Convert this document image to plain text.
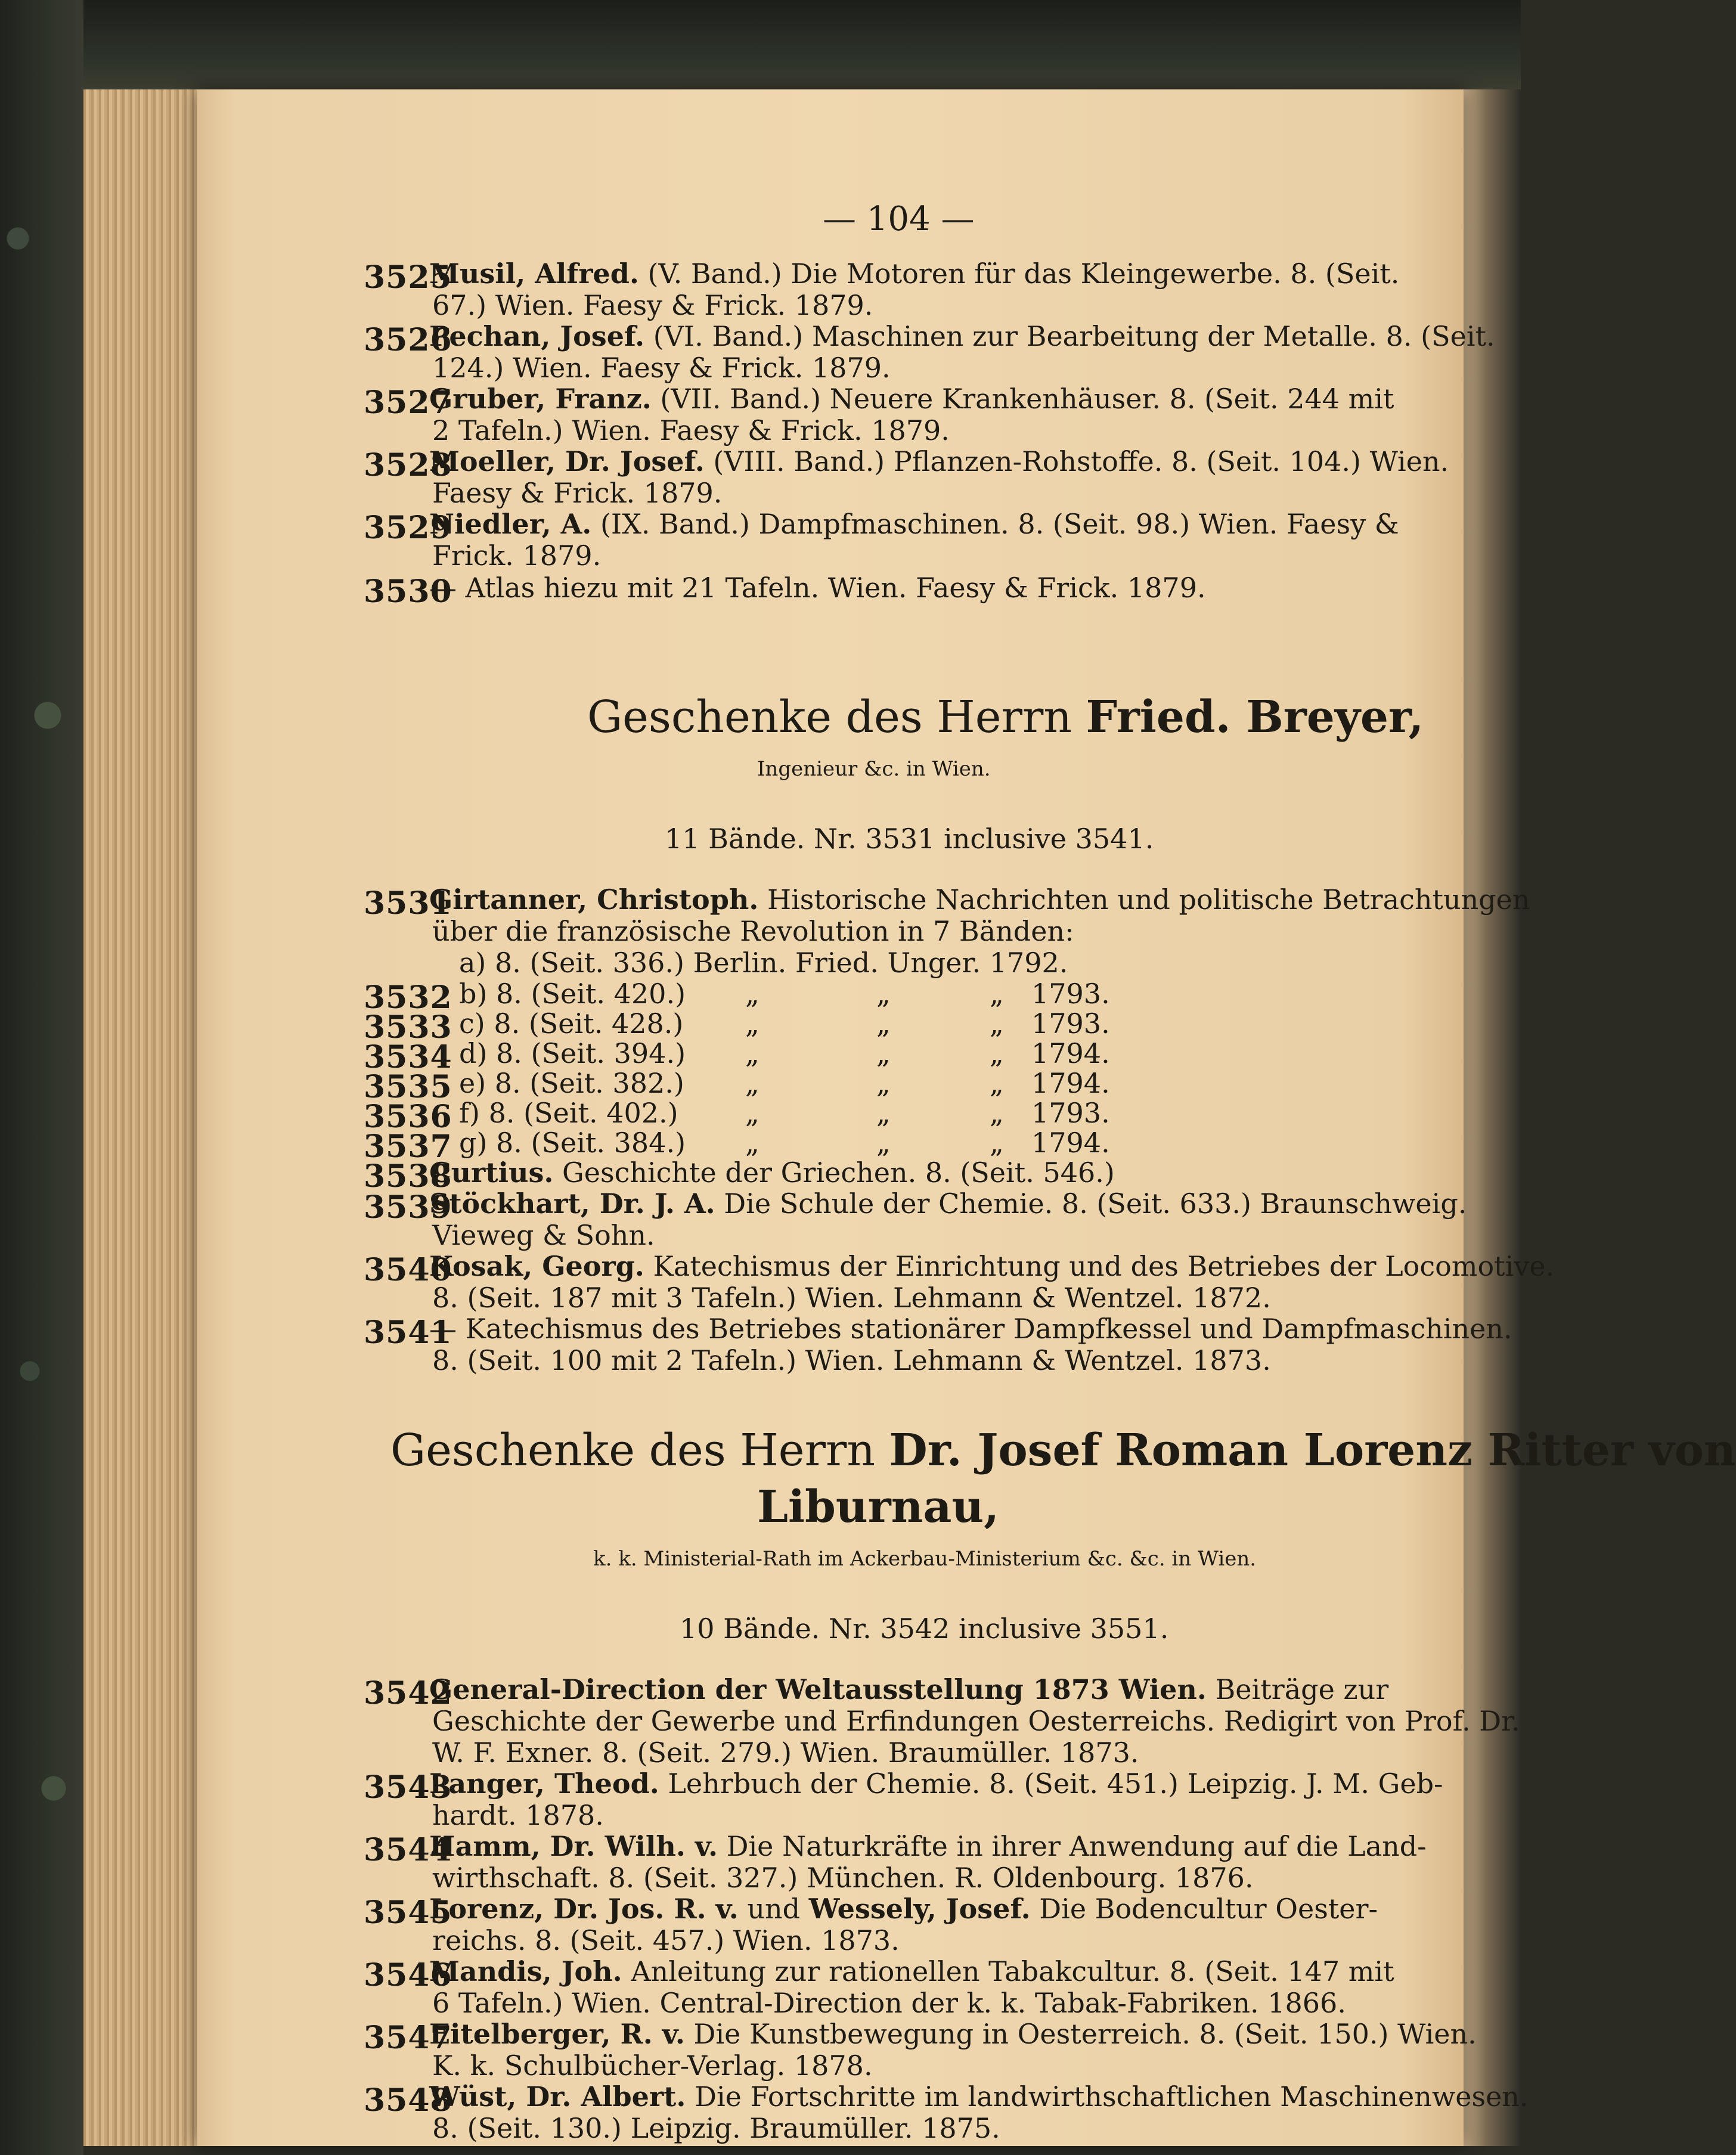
— 104 —
3525
Musil, Alfred. (V. Band.) Die Motoren für das Kleingewerbe. 8. (Seit.
67.) Wien. Faesy & Frick. 1879.
3526
Pechan, Josef. (VI. Band.) Maschinen zur Bearbeitung der Metalle. 8. (Seit.
124.) Wien. Faesy & Frick. 1879.
3527
Gruber, Franz. (VII. Band.) Neuere Krankenhäuser. 8. (Seit. 244 mit
2 Tafeln.) Wien. Faesy & Frick. 1879.
3528
Moeller, Dr. Josef. (VIII. Band.) Pflanzen-Rohstoffe. 8. (Seit. 104.) Wien.
Faesy & Frick. 1879.
3529
Niedler, A. (IX. Band.) Dampfmaschinen. 8. (Seit. 98.) Wien. Faesy &
Frick. 1879.
3530
— Atlas hiezu mit 21 Tafeln. Wien. Faesy & Frick. 1879.
Geschenke des Herrn Fried. Breyer,
Ingenieur &c. in Wien.
11 Bände. Nr. 3531 inclusive 3541.
3531
Girtanner, Christoph. Historische Nachrichten und politische Betrachtungen
über die französische Revolution in 7 Bänden:
a) 8. (Seit. 336.) Berlin. Fried. Unger. 1792.
3532 b) 8. (Seit. 420.) „	„	„ 1793.
3533 c) 8. (Seit. 428.) „	„	„ 1793.
3534 d) 8. (Seit. 394.) „	„	„ 1794.
3535 e) 8. (Seit. 382.) „	„	„ 1794.
3536 f) 8. (Seit. 402.) „	„	„ 1793.
3537 g) 8. (Seit. 384.) „	„	„ 1794.
3538
Curtius. Geschichte der Griechen. 8. (Seit. 546.)
3539
Stöckhart, Dr. J. A. Die Schule der Chemie. 8. (Seit. 633.) Braunschweig.
Vieweg & Sohn.
3540
Kosak, Georg. Katechismus der Einrichtung und des Betriebes der Locomotive.
8. (Seit. 187 mit 3 Tafeln.) Wien. Lehmann & Wentzel. 1872.
3541
— Katechismus des Betriebes stationärer Dampfkessel und Dampfmaschinen.
8. (Seit. 100 mit 2 Tafeln.) Wien. Lehmann & Wentzel. 1873.
Geschenke des Herrn Dr. Josef Roman Lorenz Ritter von
Liburnau,
k. k. Ministerial-Rath im Ackerbau-Ministerium &c. &c. in Wien.
10 Bände. Nr. 3542 inclusive 3551.
3542
General-Direction der Weltausstellung 1873 Wien. Beiträge zur
Geschichte der Gewerbe und Erfindungen Oesterreichs. Redigirt von Prof. Dr.
W. F. Exner. 8. (Seit. 279.) Wien. Braumüller. 1873.
3543
Langer, Theod. Lehrbuch der Chemie. 8. (Seit. 451.) Leipzig. J. M. Geb-
hardt. 1878.
3544
Hamm, Dr. Wilh. v. Die Naturkräfte in ihrer Anwendung auf die Land-
wirthschaft. 8. (Seit. 327.) München. R. Oldenbourg. 1876.
3545
Lorenz, Dr. Jos. R. v. und Wessely, Josef. Die Bodencultur Oester-
reichs. 8. (Seit. 457.) Wien. 1873.
3546
Mandis, Joh. Anleitung zur rationellen Tabakcultur. 8. (Seit. 147 mit
6 Tafeln.) Wien. Central-Direction der k. k. Tabak-Fabriken. 1866.
3547
Eitelberger, R. v. Die Kunstbewegung in Oesterreich. 8. (Seit. 150.) Wien.
K. k. Schulbücher-Verlag. 1878.
3548
Wüst, Dr. Albert. Die Fortschritte im landwirthschaftlichen Maschinenwesen.
8. (Seit. 130.) Leipzig. Braumüller. 1875.
